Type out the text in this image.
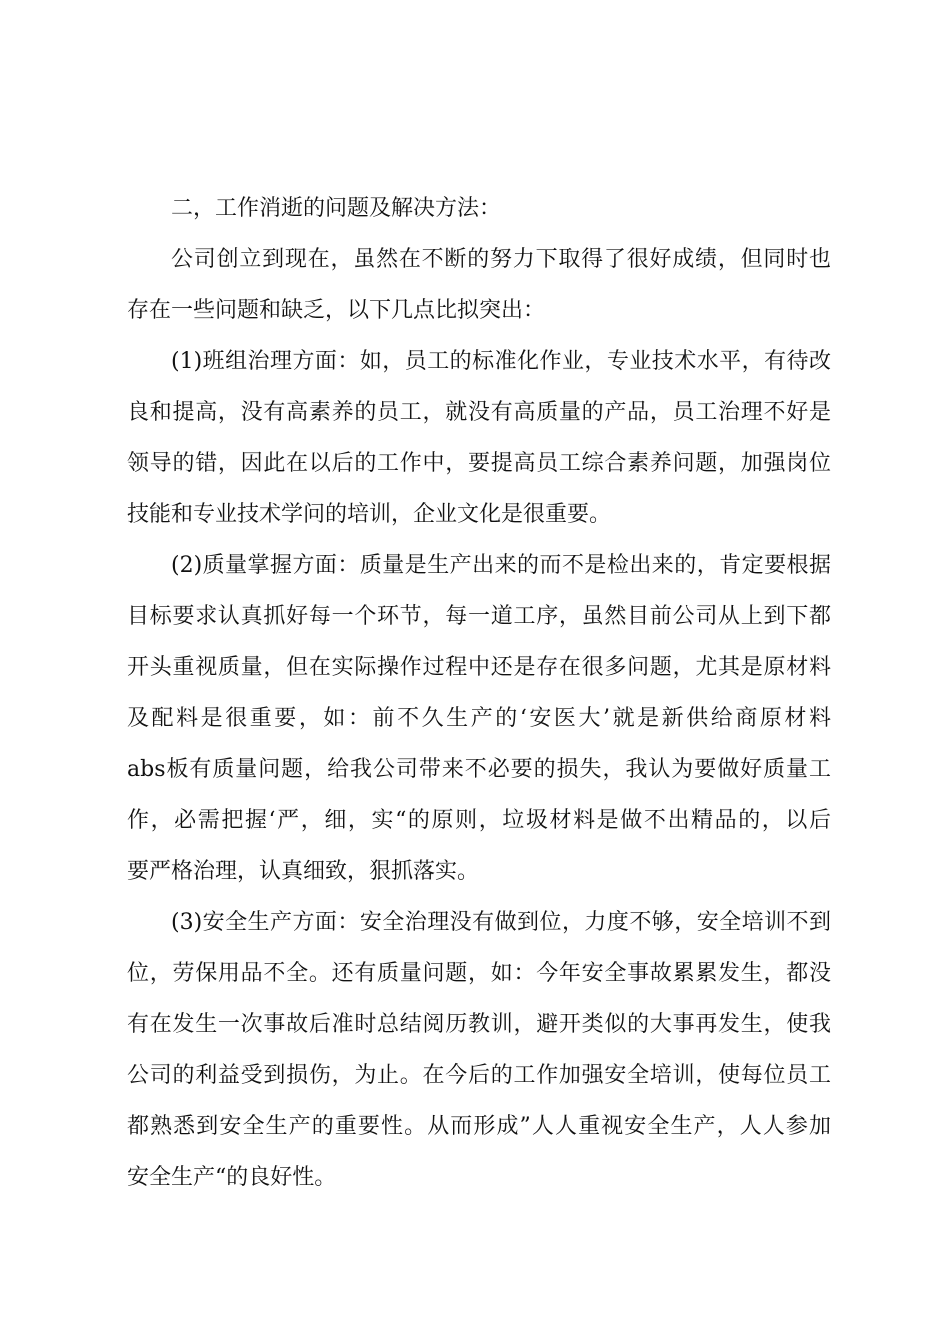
二，工作消逝的问题及解决方法：
公司创立到现在，虽然在不断的努力下取得了很好成绩，但同时也
存在一些问题和缺乏，以下几点比拟突出：
(1)班组治理方面：如，员工的标准化作业，专业技术水平，有待改
良和提高，没有高素养的员工，就没有高质量的产品，员工治理不好是
领导的错，因此在以后的工作中，要提高员工综合素养问题，加强岗位
技能和专业技术学问的培训，企业文化是很重要。
(2)质量掌握方面：质量是生产出来的而不是检出来的，肯定要根据
目标要求认真抓好每一个环节，每一道工序，虽然目前公司从上到下都
开头重视质量，但在实际操作过程中还是存在很多问题，尤其是原材料
及配料是很重要，如：前不久生产的‘安医大’就是新供给商原材料
abs板有质量问题，给我公司带来不必要的损失，我认为要做好质量工
作，必需把握‘严，细，实“的原则，垃圾材料是做不出精品的，以后
要严格治理，认真细致，狠抓落实。
(3)安全生产方面：安全治理没有做到位，力度不够，安全培训不到
位，劳保用品不全。还有质量问题，如：今年安全事故累累发生，都没
有在发生一次事故后准时总结阅历教训，避开类似的大事再发生，使我
公司的利益受到损伤，为止。在今后的工作加强安全培训，使每位员工
都熟悉到安全生产的重要性。从而形成”人人重视安全生产，人人参加
安全生产“的良好性。
